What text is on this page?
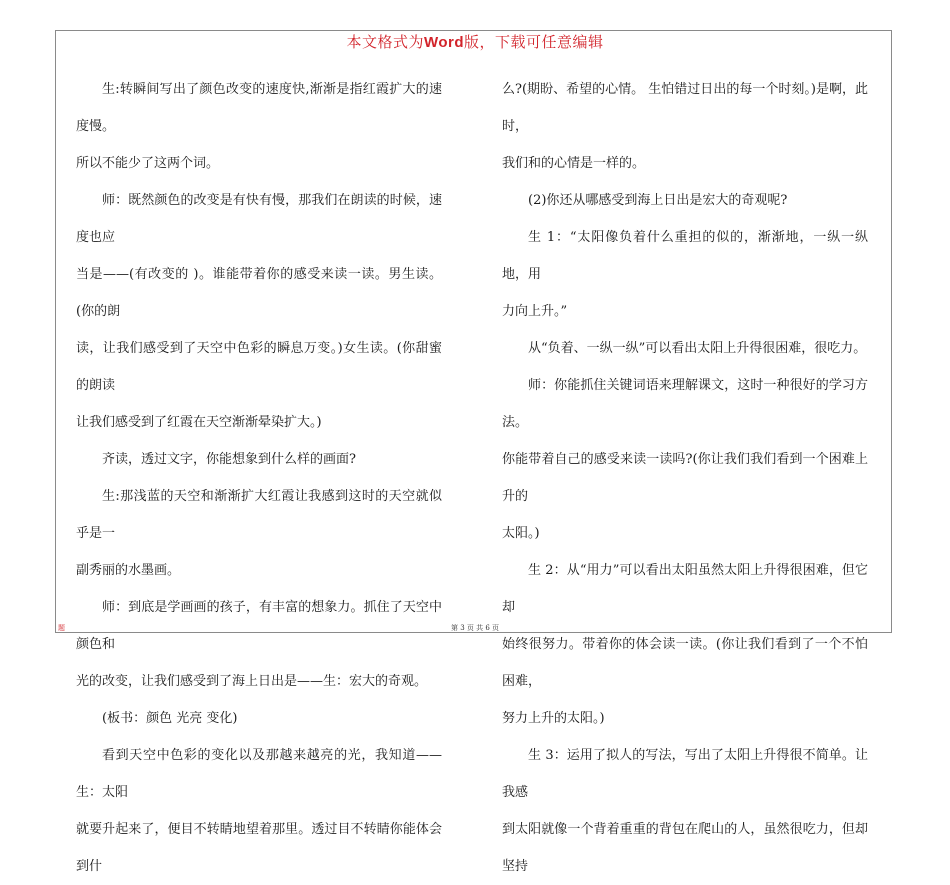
本文格式为Word版，下载可任意编辑

生:转瞬间写出了颜色改变的速度快,渐渐是指红霞扩大的速度慢。

所以不能少了这两个词。

师：既然颜色的改变是有快有慢，那我们在朗读的时候，速度也应

当是——(有改变的 )。谁能带着你的感受来读一读。男生读。(你的朗

读，让我们感受到了天空中色彩的瞬息万变。)女生读。(你甜蜜的朗读

让我们感受到了红霞在天空渐渐晕染扩大。)

齐读，透过文字，你能想象到什么样的画面?

生:那浅蓝的天空和渐渐扩大红霞让我感到这时的天空就似乎是一

副秀丽的水墨画。

师：到底是学画画的孩子，有丰富的想象力。抓住了天空中颜色和

光的改变，让我们感受到了海上日出是——生：宏大的奇观。

(板书：颜色 光亮 变化)

看到天空中色彩的变化以及那越来越亮的光，我知道——生：太阳

就要升起来了，便目不转睛地望着那里。透过目不转睛你能体会到什

么?(期盼、希望的心情。 生怕错过日出的每一个时刻。)是啊，此时，

我们和的心情是一样的。

(2)你还从哪感受到海上日出是宏大的奇观呢?

生 1：“太阳像负着什么重担的似的，渐渐地，一纵一纵地，用

力向上升。”

从“负着、一纵一纵”可以看出太阳上升得很困难，很吃力。

师：你能抓住关键词语来理解课文，这时一种很好的学习方法。

你能带着自己的感受来读一读吗?(你让我们我们看到一个困难上升的

太阳。)

生 2：从“用力”可以看出太阳虽然太阳上升得很困难，但它却

始终很努力。带着你的体会读一读。(你让我们看到了一个不怕困难，

努力上升的太阳。)

生 3：运用了拟人的写法，写出了太阳上升得很不简单。让我感

到太阳就像一个背着重重的背包在爬山的人，虽然很吃力，但却坚持

题	第 3 页 共 6 页
